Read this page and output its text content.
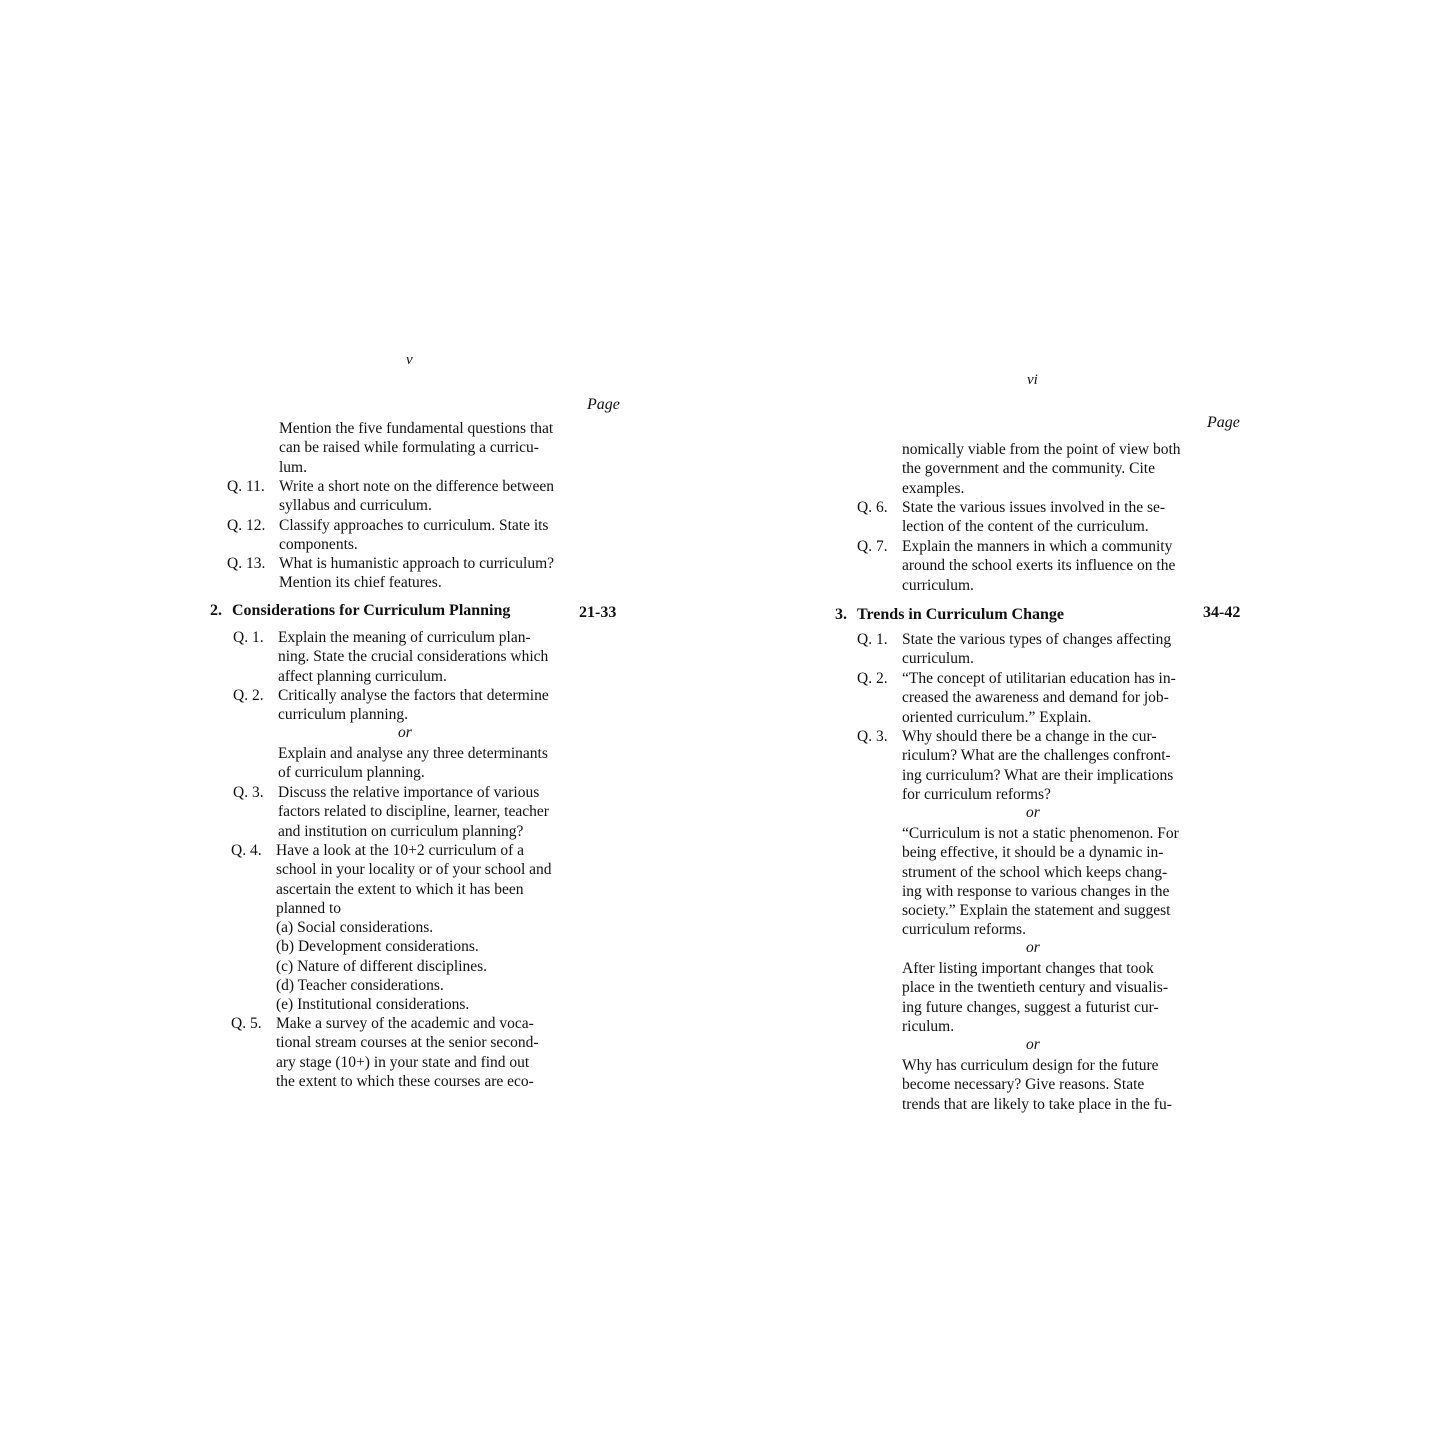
v
Page
Mention the five fundamental questions that
can be raised while formulating a curricu-
lum.
Q. 11. Write a short note on the difference between
syllabus and curriculum.
Q. 12. Classify approaches to curriculum. State its
components.
Q. 13. What is humanistic approach to curriculum?
Mention its chief features.
2. Considerations for Curriculum Planning	21-33
Q. 1. Explain the meaning of curriculum plan-
ning. State the crucial considerations which
affect planning curriculum.
Q. 2. Critically analyse the factors that determine
curriculum planning.
or
Explain and analyse any three determinants
of curriculum planning.
Q. 3. Discuss the relative importance of various
factors related to discipline, learner, teacher
and institution on curriculum planning?
Q. 4. Have a look at the 10+2 curriculum of a
school in your locality or of your school and
ascertain the extent to which it has been
planned to
(a) Social considerations.
(b) Development considerations.
(c) Nature of different disciplines.
(d) Teacher considerations.
(e) Institutional considerations.
Q. 5. Make a survey of the academic and voca-
tional stream courses at the senior second-
ary stage (10+) in your state and find out
the extent to which these courses are eco-
vi
Page
nomically viable from the point of view both
the government and the community. Cite
examples.
Q. 6. State the various issues involved in the se-
lection of the content of the curriculum.
Q. 7. Explain the manners in which a community
around the school exerts its influence on the
curriculum.
3. Trends in Curriculum Change	34-42
Q. 1. State the various types of changes affecting
curriculum.
Q. 2. “The concept of utilitarian education has in-
creased the awareness and demand for job-
oriented curriculum.” Explain.
Q. 3. Why should there be a change in the cur-
riculum? What are the challenges confront-
ing curriculum? What are their implications
for curriculum reforms?
or
“Curriculum is not a static phenomenon. For
being effective, it should be a dynamic in-
strument of the school which keeps chang-
ing with response to various changes in the
society.” Explain the statement and suggest
curriculum reforms.
or
After listing important changes that took
place in the twentieth century and visualis-
ing future changes, suggest a futurist cur-
riculum.
or
Why has curriculum design for the future
become necessary? Give reasons. State
trends that are likely to take place in the fu-
